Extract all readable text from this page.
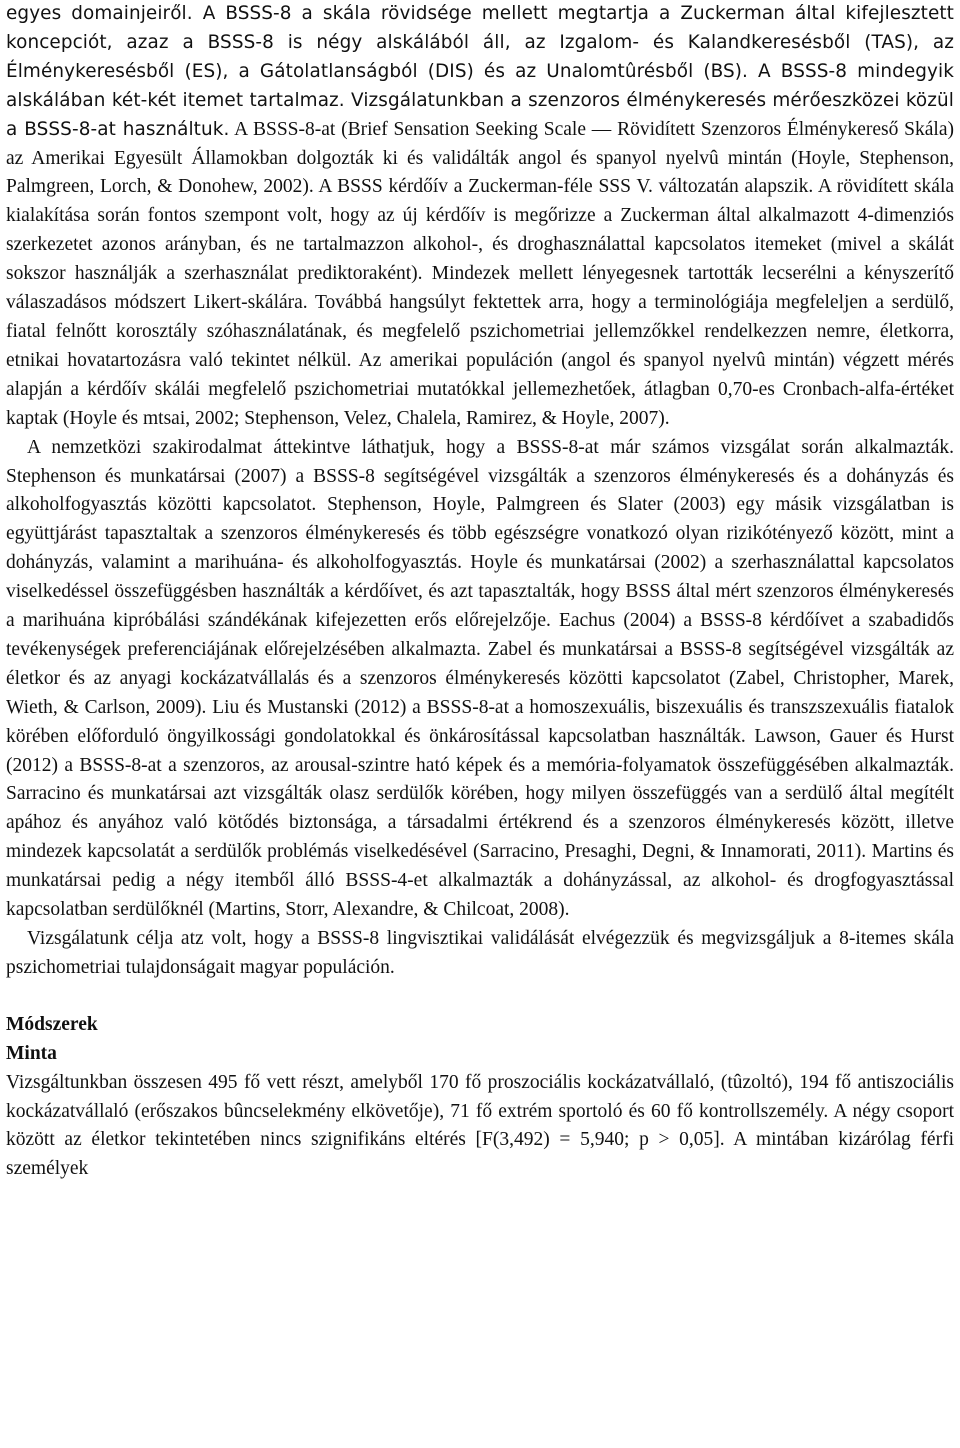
egyes domainjeiről. A BSSS-8 a skála rövidsége mellett megtartja a Zuckerman által kifejlesztett koncepciót, azaz a BSSS-8 is négy alskálából áll, az Izgalom- és Kalandkeresésből (TAS), az Élménykeresésből (ES), a Gátolatlanságból (DIS) és az Unalomtûrésből (BS). A BSSS-8 mindegyik alskálában két-két itemet tartalmaz. Vizsgálatunkban a szenzoros élménykeresés mérőeszközei közül a BSSS-8-at használtuk. A BSSS-8-at (Brief Sensation Seeking Scale — Rövidített Szenzoros Élménykereső Skála) az Amerikai Egyesült Államokban dolgozták ki és validálták angol és spanyol nyelvû mintán (Hoyle, Stephenson, Palmgreen, Lorch, & Donohew, 2002). A BSSS kérdőív a Zuckerman-féle SSS V. változatán alapszik. A rövidített skála kialakítása során fontos szempont volt, hogy az új kérdőív is megőrizze a Zuckerman által alkalmazott 4-dimenziós szerkezetet azonos arányban, és ne tartalmazzon alkohol-, és droghasználattal kapcsolatos itemeket (mivel a skálát sokszor használják a szerhasználat prediktoraként). Mindezek mellett lényegesnek tartották lecserélni a kényszerítő válaszadásos módszert Likert-skálára. Továbbá hangsúlyt fektettek arra, hogy a terminológiája megfeleljen a serdülő, fiatal felnőtt korosztály szóhasználatának, és megfelelő pszichometriai jellemzőkkel rendelkezzen nemre, életkorra, etnikai hovatartozásra való tekintet nélkül. Az amerikai populáción (angol és spanyol nyelvû mintán) végzett mérés alapján a kérdőív skálái megfelelő pszichometriai mutatókkal jellemezhetőek, átlagban 0,70-es Cronbach-alfa-értéket kaptak (Hoyle és mtsai, 2002; Stephenson, Velez, Chalela, Ramirez, & Hoyle, 2007).

A nemzetközi szakirodalmat áttekintve láthatjuk, hogy a BSSS-8-at már számos vizsgálat során alkalmazták. Stephenson és munkatársai (2007) a BSSS-8 segítségével vizsgálták a szenzoros élménykeresés és a dohányzás és alkoholfogyasztás közötti kapcsolatot. Stephenson, Hoyle, Palmgreen és Slater (2003) egy másik vizsgálatban is együttjárást tapasztaltak a szenzoros élménykeresés és több egészségre vonatkozó olyan rizikótényező között, mint a dohányzás, valamint a marihuána- és alkoholfogyasztás. Hoyle és munkatársai (2002) a szerhasználattal kapcsolatos viselkedéssel összefüggésben használták a kérdőívet, és azt tapasztalták, hogy BSSS által mért szenzoros élménykeresés a marihuána kipróbálási szándékának kifejezetten erős előrejelzője. Eachus (2004) a BSSS-8 kérdőívet a szabadidős tevékenységek preferenciájának előrejelzésében alkalmazta. Zabel és munkatársai a BSSS-8 segítségével vizsgálták az életkor és az anyagi kockázatvállalás és a szenzoros élménykeresés közötti kapcsolatot (Zabel, Christopher, Marek, Wieth, & Carlson, 2009). Liu és Mustanski (2012) a BSSS-8-at a homoszexuális, biszexuális és transzszexuális fiatalok körében előforduló öngyilkossági gondolatokkal és önkárosítással kapcsolatban használták. Lawson, Gauer és Hurst (2012) a BSSS-8-at a szenzoros, az arousal-szintre ható képek és a memória-folyamatok összefüggésében alkalmazták. Sarracino és munkatársai azt vizsgálták olasz serdülők körében, hogy milyen összefüggés van a serdülő által megítélt apához és anyához való kötődés biztonsága, a társadalmi értékrend és a szenzoros élménykeresés között, illetve mindezek kapcsolatát a serdülők problémás viselkedésével (Sarracino, Presaghi, Degni, & Innamorati, 2011). Martins és munkatársai pedig a négy itemből álló BSSS-4-et alkalmazták a dohányzással, az alkohol- és drogfogyasztással kapcsolatban serdülőknél (Martins, Storr, Alexandre, & Chilcoat, 2008).

Vizsgálatunk célja atz volt, hogy a BSSS-8 lingvisztikai validálását elvégezzük és megvizsgáljuk a 8-itemes skála pszichometriai tulajdonságait magyar populáción.

Módszerek

Minta

Vizsgáltunkban összesen 495 fő vett részt, amelyből 170 fő proszociális kockázatvállaló, (tûzoltó), 194 fő antiszociális kockázatvállaló (erőszakos bûncselekmény elkövetője), 71 fő extrém sportoló és 60 fő kontrollszemély. A négy csoport között az életkor tekintetében nincs szignifikáns eltérés [F(3,492) = 5,940; p > 0,05]. A mintában kizárólag férfi személyek
